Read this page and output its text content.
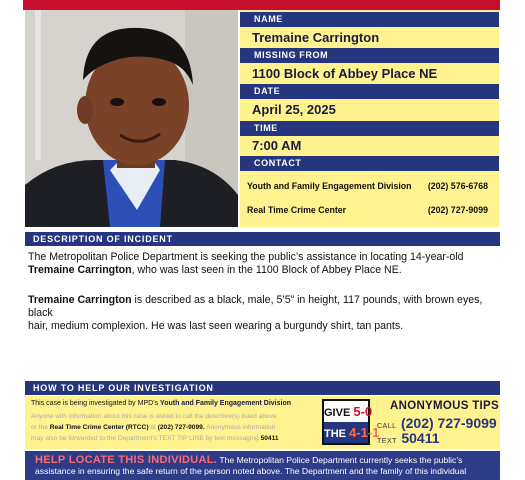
NAME
Tremaine Carrington
MISSING FROM
1100 Block of Abbey Place NE
DATE
April 25, 2025
TIME
7:00 AM
CONTACT
Youth and Family Engagement Division (202) 576-6768
Real Time Crime Center	(202) 727-9099
DESCRIPTION OF INCIDENT
The Metropolitan Police Department is seeking the public’s assistance in locating 14-year-old
Tremaine Carrington, who was last seen in the 1100 Block of Abbey Place NE.
Tremaine Carrington is described as a black, male, 5’5” in height, 117 pounds, with brown eyes, black
hair, medium complexion. He was last seen wearing a burgundy shirt, tan pants.
HOW TO HELP OUR INVESTIGATION
This case is being investigated by MPD’s Youth and Family Engagement Division
Anyone with information about this case is asked to call the detective(s) listed above
or the Real Time Crime Center (RTCC) at (202) 727-9099. Anonymous information
may also be forwarded to the Department’s TEXT TIP LINE by text messaging 50411
GIVE 5-0
THE 4-1-1
ANONYMOUS TIPS
CALL (202) 727-9099
TEXT 50411
HELP LOCATE THIS INDIVIDUAL. The Metropolitan Police Department currently seeks the public’s assistance in ensuring the safe return of the person noted above. The Department and the family of this individual
